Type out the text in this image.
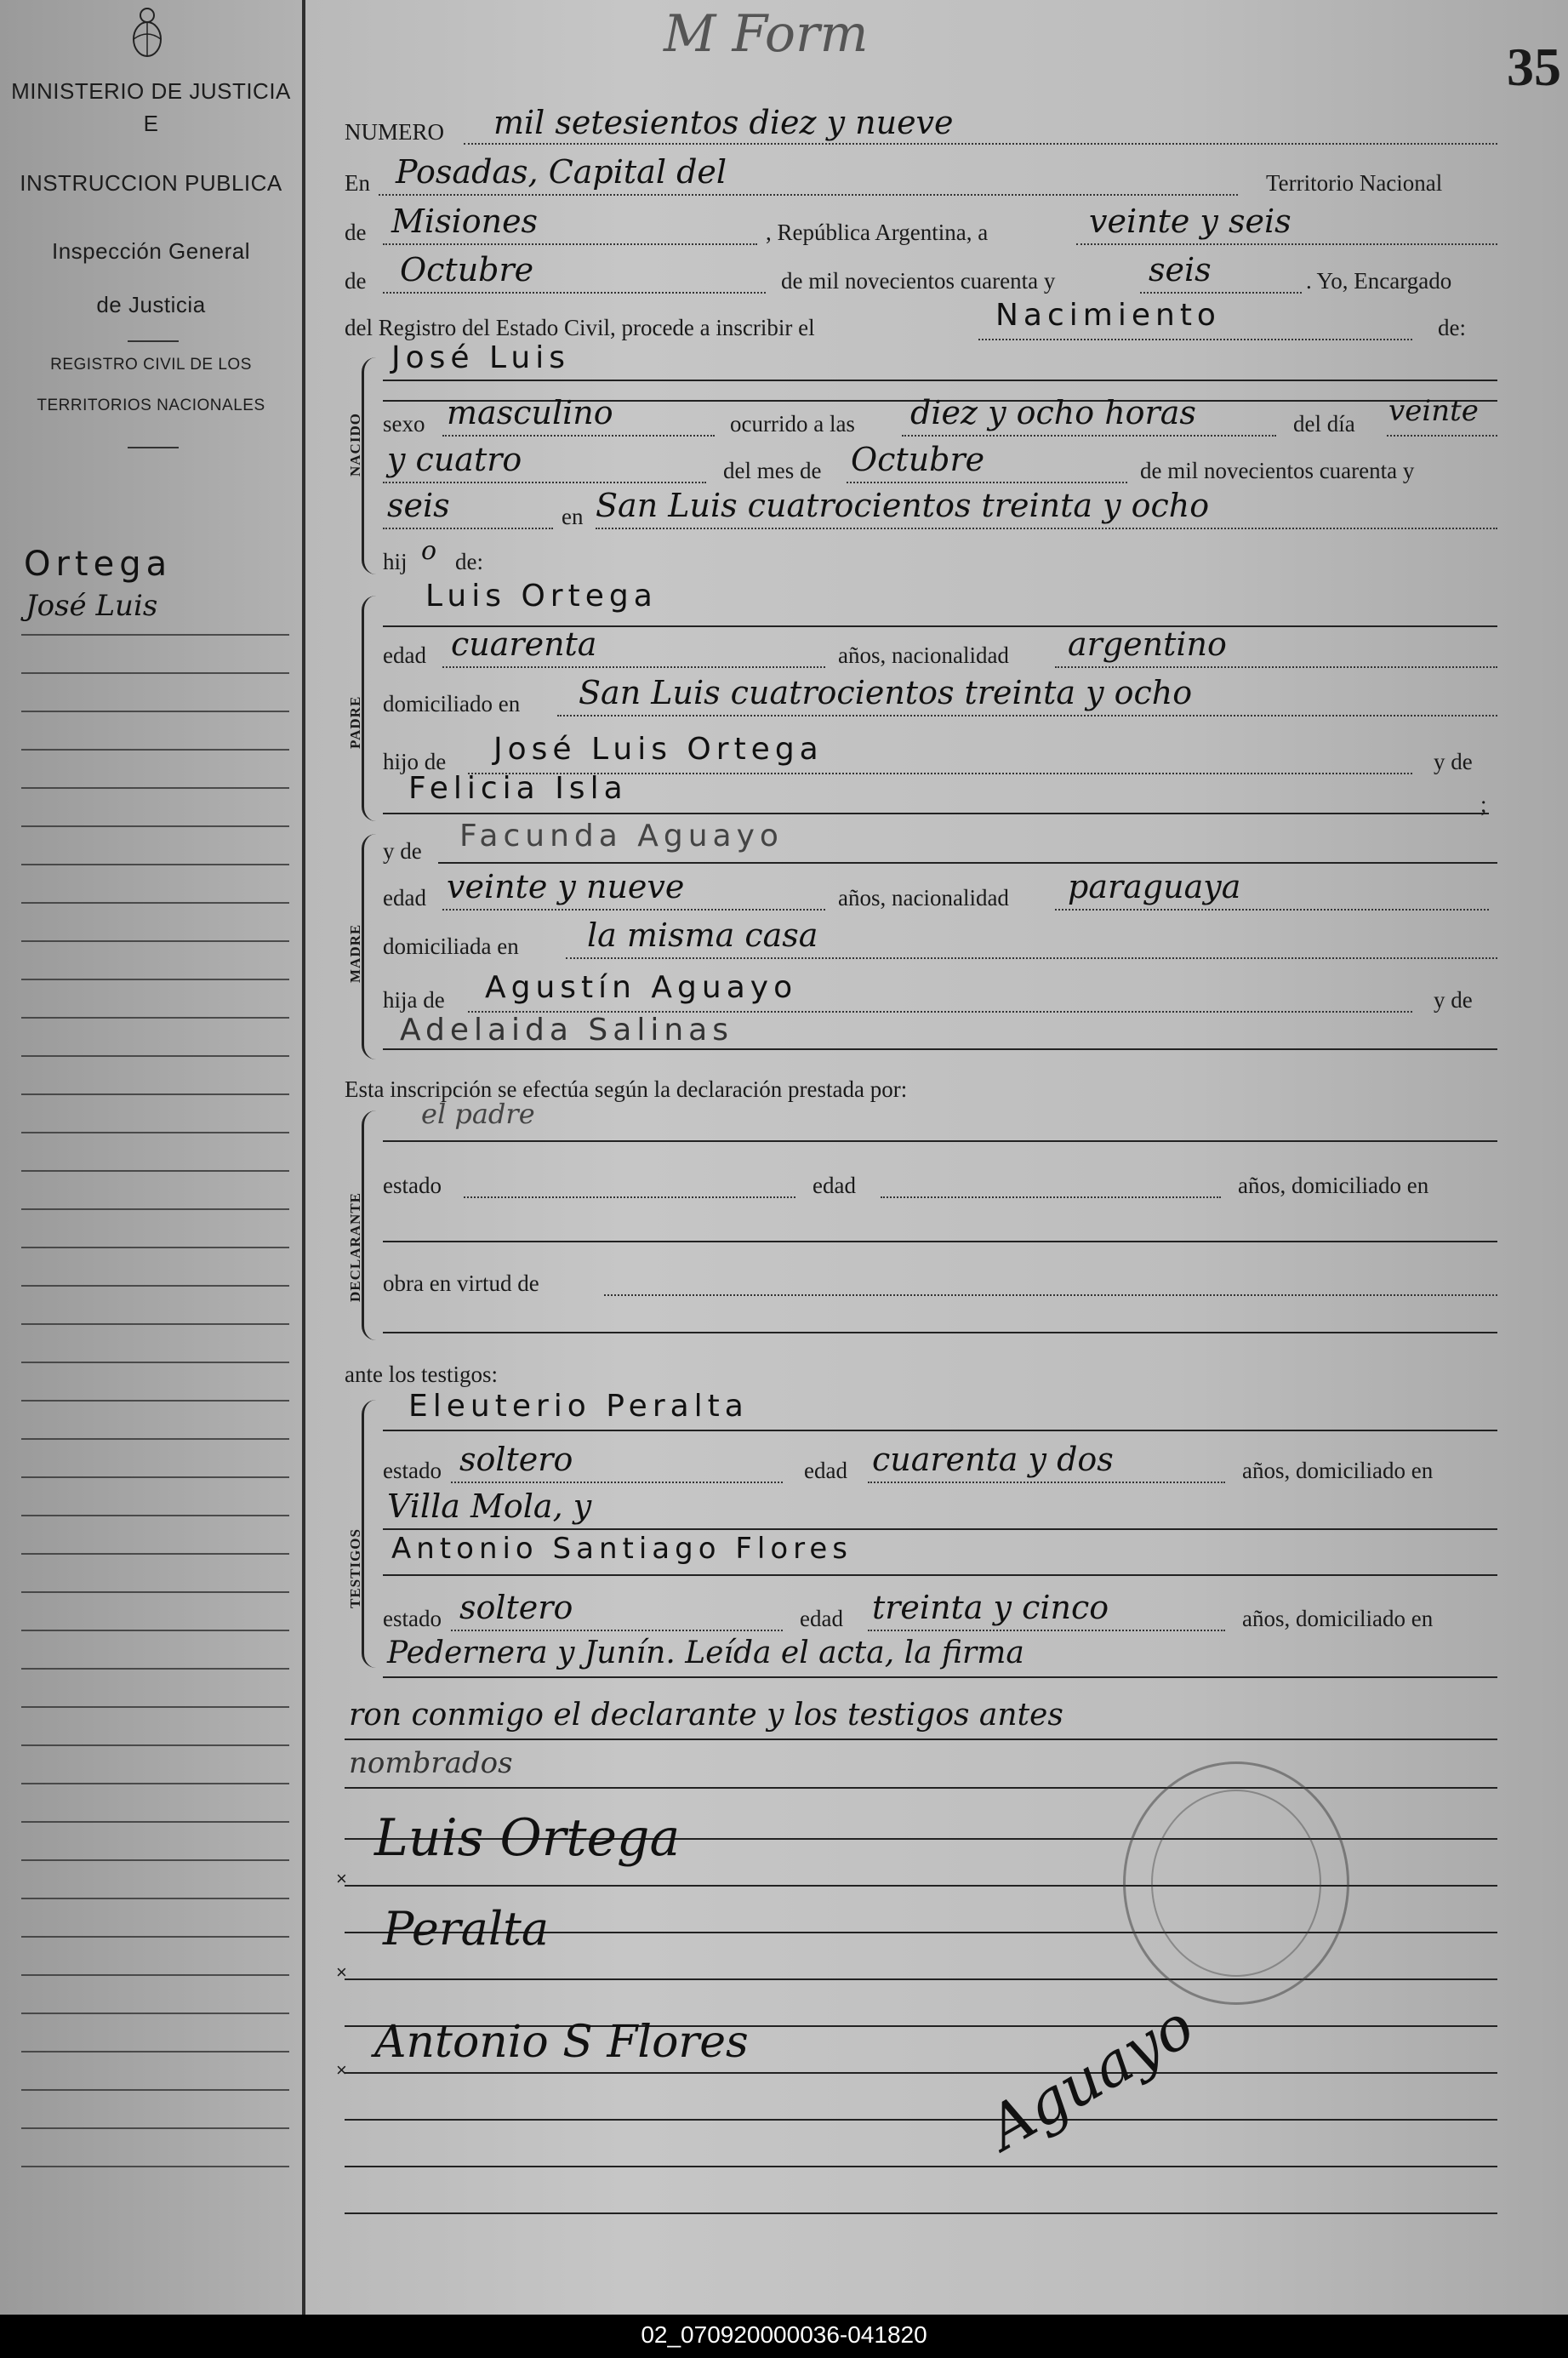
MINISTERIO DE JUSTICIA
E
INSTRUCCION PUBLICA
Inspección General
de Justicia
REGISTRO CIVIL DE LOS
TERRITORIOS NACIONALES
Ortega
José Luis
M Form
35
NUMERO mil setesientos diez y nueve
En Posadas, Capital del	Territorio Nacional
de Misiones	, República Argentina, a	veinte y seis
de Octubre	de mil novecientos cuarenta y	seis	. Yo, Encargado
del Registro del Estado Civil, procede a inscribir el	Nacimiento	de:
NACIDO
José Luis
sexo masculino	ocurrido a las diez y ocho horas	del día veinte
y cuatro	del mes de Octubre	de mil novecientos cuarenta y
seis	en San Luis cuatrocientos treinta y ocho
hij o de:
PADRE
Luis Ortega
edad cuarenta	años, nacionalidad argentino
domiciliado en San Luis cuatrocientos treinta y ocho
hijo de José Luis Ortega	y de
Felicia Isla	;
MADRE
y de Facunda Aguayo
edad veinte y nueve	años, nacionalidad paraguaya
domiciliada en la misma casa
hija de Agustín Aguayo	y de
Adelaida Salinas
Esta inscripción se efectúa según la declaración prestada por:
DECLARANTE
el padre
estado	edad	años, domiciliado en
obra en virtud de
ante los testigos:
TESTIGOS
Eleuterio Peralta
estado soltero	edad cuarenta y dos	años, domiciliado en
Villa Mola, y
Antonio Santiago Flores
estado soltero	edad treinta y cinco	años, domiciliado en
Pedernera y Junín. Leída el acta, la firma
ron conmigo el declarante y los testigos antes
nombrados
×
×
×
Luis Ortega
Peralta
Antonio S Flores	Aguayo
02_070920000036-041820
